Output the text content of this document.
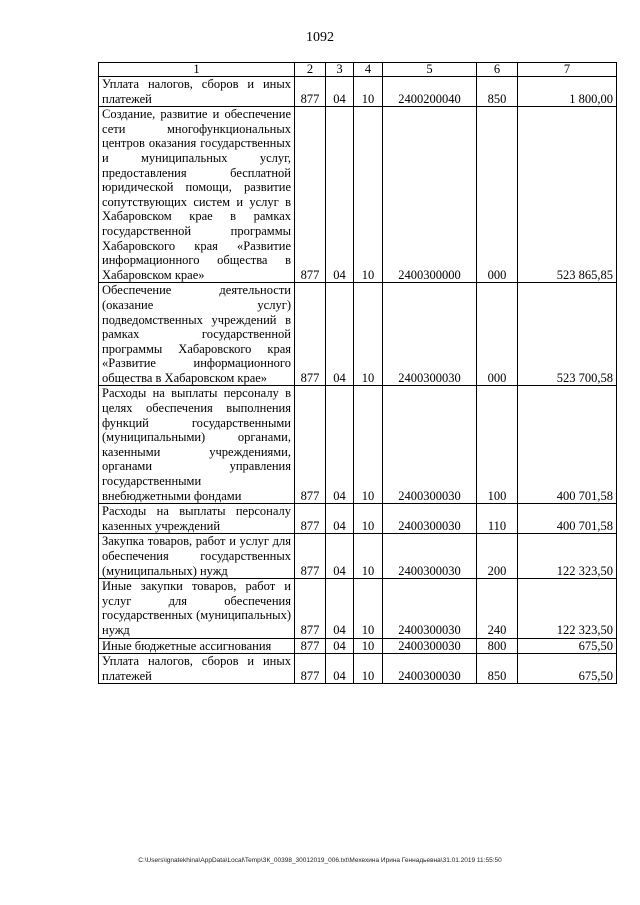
1092
1	2	3	4	5	6	7
Уплата налогов, сборов и иных платежей	877	04	10	2400200040	850	1 800,00
Создание, развитие и обеспечение сети многофункциональных центров оказания государственных и муниципальных услуг, предоставления бесплатной юридической помощи, развитие сопутствующих систем и услуг в Хабаровском крае в рамках государственной программы Хабаровского края «Развитие информационного общества в Хабаровском крае»	877	04	10	2400300000	000	523 865,85
Обеспечение деятельности (оказание услуг) подведомственных учреждений в рамках государственной программы Хабаровского края «Развитие информационного общества в Хабаровском крае»	877	04	10	2400300030	000	523 700,58
Расходы на выплаты персоналу в целях обеспечения выполнения функций государственными (муниципальными) органами, казенными учреждениями, органами управления государственными внебюджетными фондами	877	04	10	2400300030	100	400 701,58
Расходы на выплаты персоналу казенных учреждений	877	04	10	2400300030	110	400 701,58
Закупка товаров, работ и услуг для обеспечения государственных (муниципальных) нужд	877	04	10	2400300030	200	122 323,50
Иные закупки товаров, работ и услуг для обеспечения государственных (муниципальных) нужд	877	04	10	2400300030	240	122 323,50
Иные бюджетные ассигнования	877	04	10	2400300030	800	675,50
Уплата налогов, сборов и иных платежей	877	04	10	2400300030	850	675,50
C:\Users\ignatekhina\AppData\Local\Temp\ЗК_00398_30012019_006.txt\Мехехина Ирина Геннадьевна\31.01.2019 11:55:50
